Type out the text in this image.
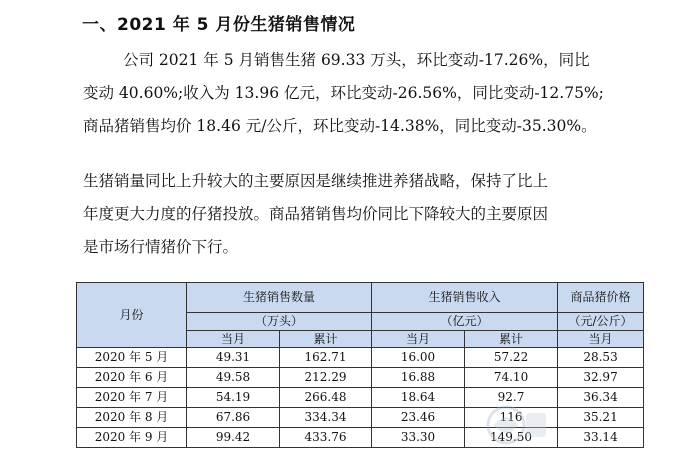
一、2021 年 5 月份生猪销售情况
公司 2021 年 5 月销售生猪 69.33 万头，环比变动-17.26%，同比
变动 40.60%;收入为 13.96 亿元，环比变动-26.56%，同比变动-12.75%;
商品猪销售均价 18.46 元/公斤，环比变动-14.38%，同比变动-35.30%。
生猪销量同比上升较大的主要原因是继续推进养猪战略，保持了比上
年度更大力度的仔猪投放。商品猪销售均价同比下降较大的主要原因
是市场行情猪价下行。
月份	生猪销售数量		生猪销售收入		商品猪价格
	（万头）		（亿元）		（元/公斤）
	当月	累计	当月	累计	当月
2020 年 5 月	49.31	162.71	16.00	57.22	28.53
2020 年 6 月	49.58	212.29	16.88	74.10	32.97
2020 年 7 月	54.19	266.48	18.64	92.7	36.34
2020 年 8 月	67.86	334.34	23.46	116	35.21
2020 年 9 月	99.42	433.76	33.30	149.50	33.14
